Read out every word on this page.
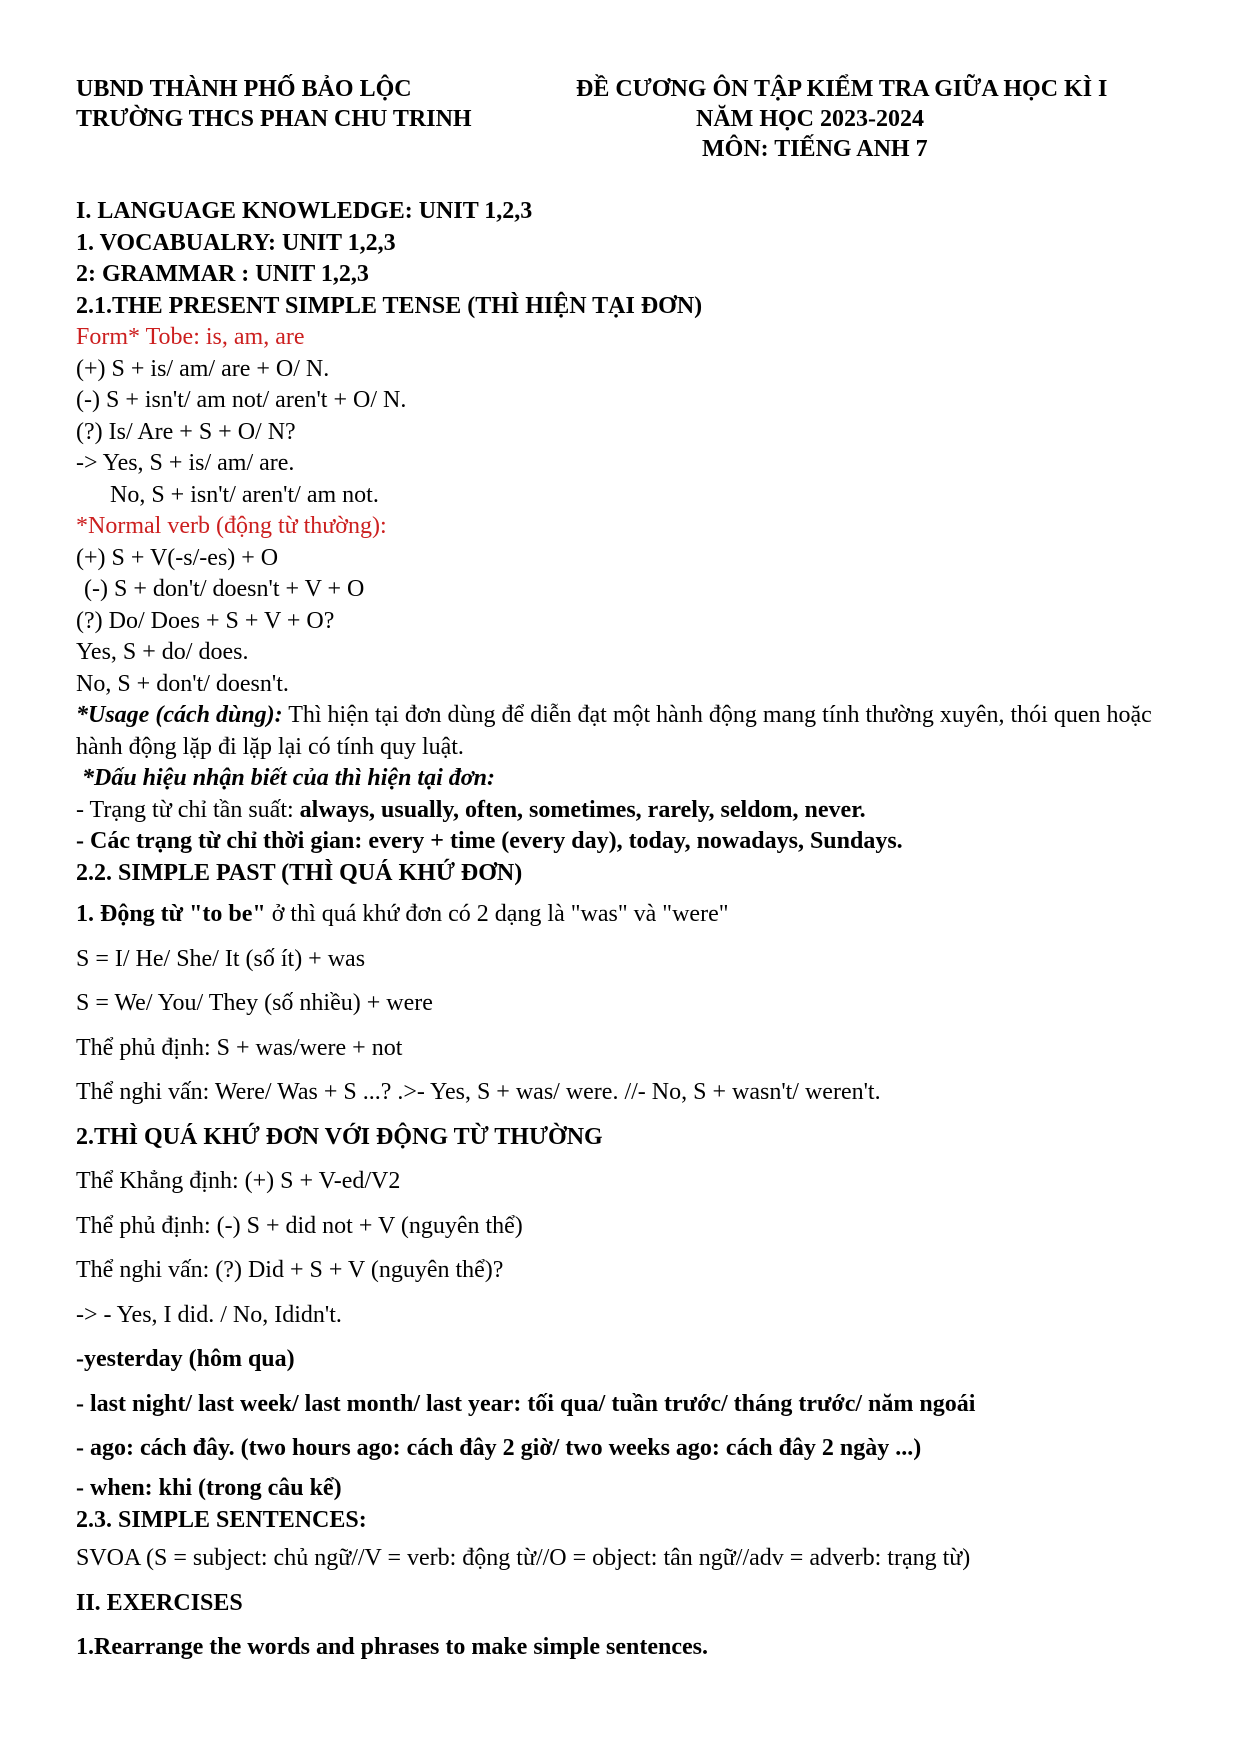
UBND THÀNH PHỐ BẢO LỘC
TRƯỜNG THCS PHAN CHU TRINH
ĐỀ CƯƠNG ÔN TẬP KIỂM TRA GIỮA HỌC KÌ I
NĂM HỌC 2023-2024
MÔN: TIẾNG ANH 7
I. LANGUAGE KNOWLEDGE: UNIT 1,2,3
1. VOCABUALRY: UNIT 1,2,3
2: GRAMMAR : UNIT 1,2,3
2.1.THE PRESENT SIMPLE TENSE (THÌ HIỆN TẠI ĐƠN)
Form* Tobe: is, am, are
(+) S + is/ am/ are + O/ N.
(-) S + isn't/ am not/ aren't + O/ N.
(?) Is/ Are + S + O/ N?
-> Yes, S + is/ am/ are.
No, S + isn't/ aren't/ am not.
*Normal verb (động từ thường):
(+) S + V(-s/-es) + O
(-) S + don't/ doesn't + V + O
(?) Do/ Does + S + V + O?
Yes, S + do/ does.
No, S + don't/ doesn't.
*Usage (cách dùng): Thì hiện tại đơn dùng để diễn đạt một hành động mang tính thường xuyên, thói quen hoặc hành động lặp đi lặp lại có tính quy luật.
*Dấu hiệu nhận biết của thì hiện tại đơn:
- Trạng từ chỉ tần suất: always, usually, often, sometimes, rarely, seldom, never.
- Các trạng từ chỉ thời gian: every + time (every day), today, nowadays, Sundays.
2.2. SIMPLE PAST (THÌ QUÁ KHỨ ĐƠN)
1. Động từ "to be" ở thì quá khứ đơn có 2 dạng là "was" và "were"
S = I/ He/ She/ It (số ít) + was
S = We/ You/ They (số nhiều) + were
Thể phủ định: S + was/were + not
Thể nghi vấn: Were/ Was + S ...? .>- Yes, S + was/ were. //- No, S + wasn't/ weren't.
2.THÌ QUÁ KHỨ ĐƠN VỚI ĐỘNG TỪ THƯỜNG
Thể Khẳng định: (+) S + V-ed/V2
Thể phủ định: (-) S + did not + V (nguyên thể)
Thể nghi vấn: (?) Did + S + V (nguyên thể)?
-> - Yes, I did. / No, Ididn't.
-yesterday (hôm qua)
- last night/ last week/ last month/ last year: tối qua/ tuần trước/ tháng trước/ năm ngoái
- ago: cách đây. (two hours ago: cách đây 2 giờ/ two weeks ago: cách đây 2 ngày ...)
- when: khi (trong câu kể)
2.3. SIMPLE SENTENCES:
SVOA (S = subject: chủ ngữ//V = verb: động từ//O = object: tân ngữ//adv = adverb: trạng từ)
II. EXERCISES
1.Rearrange the words and phrases to make simple sentences.
